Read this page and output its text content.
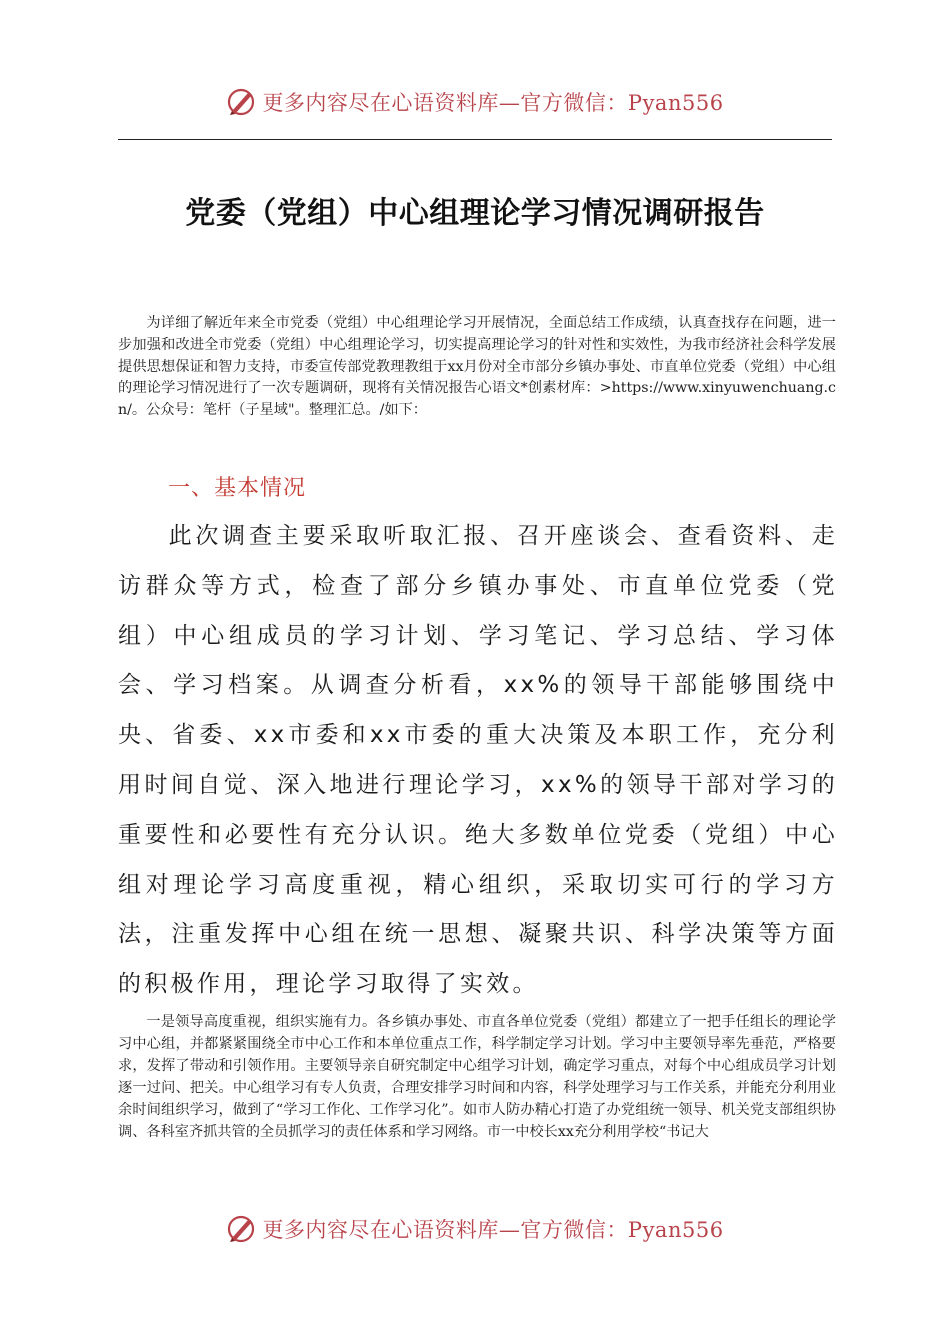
更多内容尽在心语资料库—官方微信：Pyan556
党委（党组）中心组理论学习情况调研报告
为详细了解近年来全市党委（党组）中心组理论学习开展情况，全面总结工作成绩，认真查找存在问题，进一步加强和改进全市党委（党组）中心组理论学习，切实提高理论学习的针对性和实效性，为我市经济社会科学发展提供思想保证和智力支持，市委宣传部党教理教组于xx月份对全市部分乡镇办事处、市直单位党委（党组）中心组的理论学习情况进行了一次专题调研，现将有关情况报告心语文*创素材库：>https://www.xinyuwenchuang.cn/。公众号：笔杆（子星域"。整理汇总。/如下：
一、基本情况
此次调查主要采取听取汇报、召开座谈会、查看资料、走访群众等方式，检查了部分乡镇办事处、市直单位党委（党组）中心组成员的学习计划、学习笔记、学习总结、学习体会、学习档案。从调查分析看，xx%的领导干部能够围绕中央、省委、xx市委和xx市委的重大决策及本职工作，充分利用时间自觉、深入地进行理论学习，xx%的领导干部对学习的重要性和必要性有充分认识。绝大多数单位党委（党组）中心组对理论学习高度重视，精心组织，采取切实可行的学习方法，注重发挥中心组在统一思想、凝聚共识、科学决策等方面的积极作用，理论学习取得了实效。
一是领导高度重视，组织实施有力。各乡镇办事处、市直各单位党委（党组）都建立了一把手任组长的理论学习中心组，并都紧紧围绕全市中心工作和本单位重点工作，科学制定学习计划。学习中主要领导率先垂范，严格要求，发挥了带动和引领作用。主要领导亲自研究制定中心组学习计划，确定学习重点，对每个中心组成员学习计划逐一过问、把关。中心组学习有专人负责，合理安排学习时间和内容，科学处理学习与工作关系，并能充分利用业余时间组织学习，做到了“学习工作化、工作学习化”。如市人防办精心打造了办党组统一领导、机关党支部组织协调、各科室齐抓共管的全员抓学习的责任体系和学习网络。市一中校长xx充分利用学校“书记大
更多内容尽在心语资料库—官方微信：Pyan556
